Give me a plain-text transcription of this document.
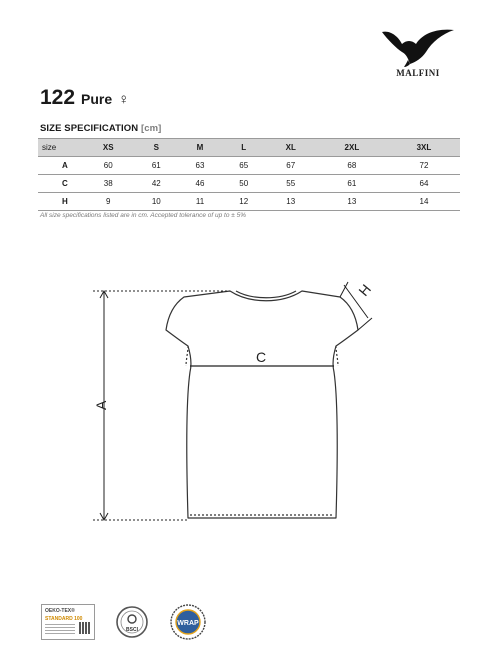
MALFINI
122 Pure ♀
SIZE SPECIFICATION [cm]
size	XS	S	M	L	XL	2XL	3XL
A	60	61	63	65	67	68	72
C	38	42	46	50	55	61	64
H	9	10	11	12	13	13	14
All size specifications listed are in cm. Accepted tolerance of up to ± 5%
C
A
H
OEKO-TEX®
STANDARD 100
BSCI
WRAP
